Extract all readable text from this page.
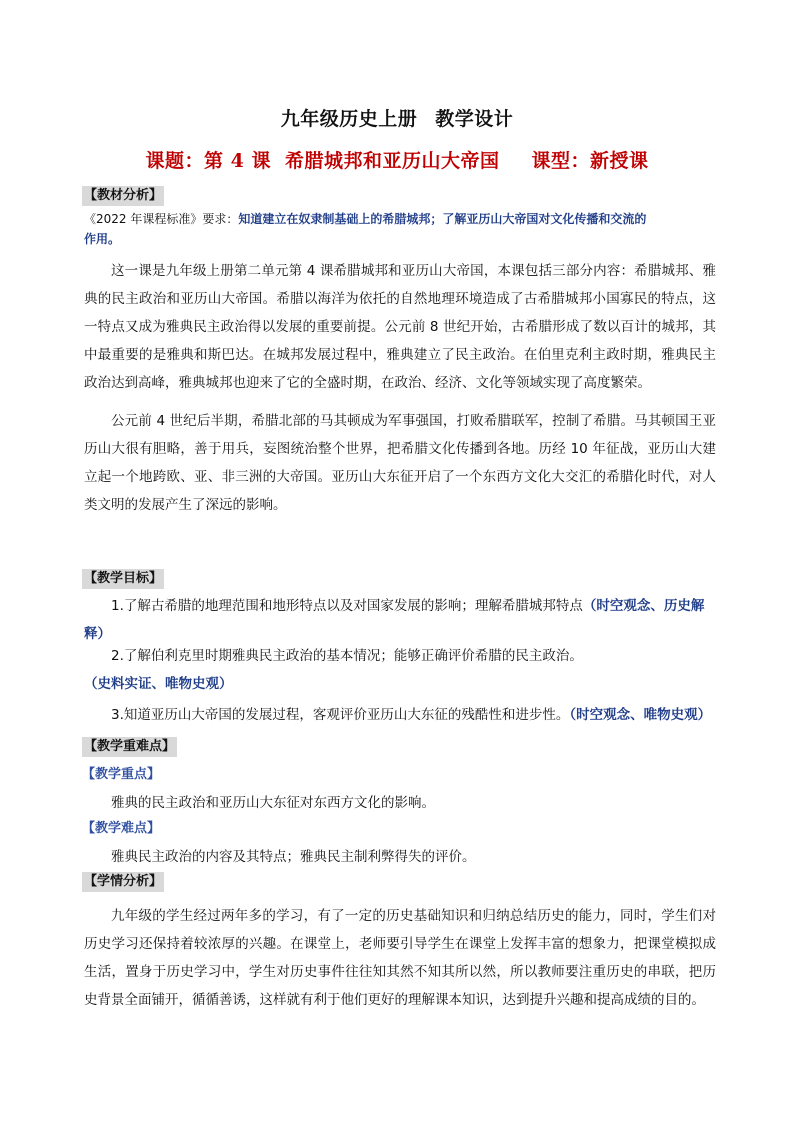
九年级历史上册 教学设计
课题：第 4 课 希腊城邦和亚历山大帝国 课型：新授课
【教材分析】
《2022 年课程标准》要求：知道建立在奴隶制基础上的希腊城邦；了解亚历山大帝国对文化传播和交流的
作用。
这一课是九年级上册第二单元第 4 课希腊城邦和亚历山大帝国，本课包括三部分内容：希腊城邦、雅典的民主政治和亚历山大帝国。希腊以海洋为依托的自然地理环境造成了古希腊城邦小国寡民的特点，这一特点又成为雅典民主政治得以发展的重要前提。公元前 8 世纪开始，古希腊形成了数以百计的城邦，其中最重要的是雅典和斯巴达。在城邦发展过程中，雅典建立了民主政治。在伯里克利主政时期，雅典民主政治达到高峰，雅典城邦也迎来了它的全盛时期，在政治、经济、文化等领域实现了高度繁荣。
公元前 4 世纪后半期，希腊北部的马其顿成为军事强国，打败希腊联军，控制了希腊。马其顿国王亚历山大很有胆略，善于用兵，妄图统治整个世界，把希腊文化传播到各地。历经 10 年征战，亚历山大建立起一个地跨欧、亚、非三洲的大帝国。亚历山大东征开启了一个东西方文化大交汇的希腊化时代，对人类文明的发展产生了深远的影响。
【教学目标】
1.了解古希腊的地理范围和地形特点以及对国家发展的影响；理解希腊城邦特点（时空观念、历史解释）
2.了解伯利克里时期雅典民主政治的基本情况；能够正确评价希腊的民主政治。（史料实证、唯物史观）
3.知道亚历山大帝国的发展过程，客观评价亚历山大东征的残酷性和进步性。（时空观念、唯物史观）
【教学重难点】
【教学重点】
雅典的民主政治和亚历山大东征对东西方文化的影响。
【教学难点】
雅典民主政治的内容及其特点；雅典民主制利弊得失的评价。
【学情分析】
九年级的学生经过两年多的学习，有了一定的历史基础知识和归纳总结历史的能力，同时，学生们对历史学习还保持着较浓厚的兴趣。在课堂上，老师要引导学生在课堂上发挥丰富的想象力，把课堂模拟成生活，置身于历史学习中，学生对历史事件往往知其然不知其所以然，所以教师要注重历史的串联，把历史背景全面铺开，循循善诱，这样就有利于他们更好的理解课本知识，达到提升兴趣和提高成绩的目的。
